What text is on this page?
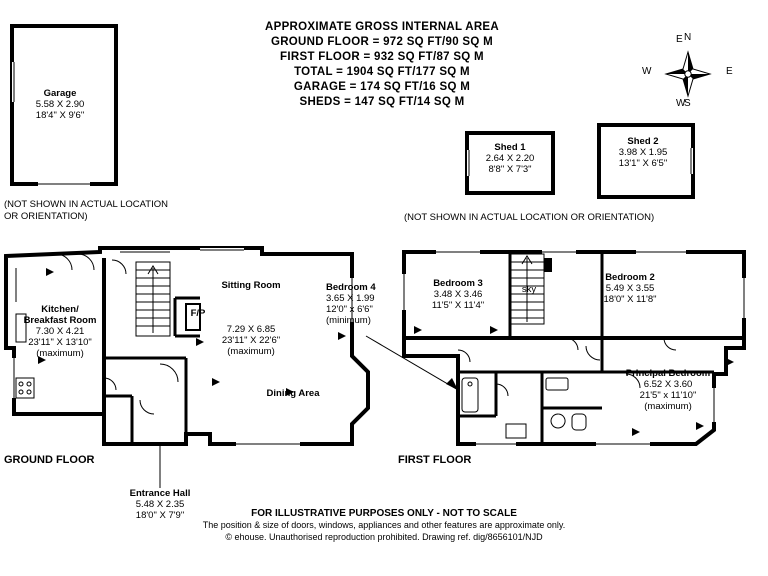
APPROXIMATE GROSS INTERNAL AREA
GROUND FLOOR = 972 SQ FT/90 SQ M
FIRST FLOOR = 932 SQ FT/87 SQ M
TOTAL = 1904 SQ FT/177 SQ M
GARAGE = 174 SQ FT/16 SQ M
SHEDS = 147 SQ FT/14 SQ M
N
S
E
W
E
W
Garage
5.58 X 2.90
18'4" X 9'6"
(NOT SHOWN IN ACTUAL LOCATION
OR ORIENTATION)
Shed 1
2.64 X 2.20
8'8" X 7'3"
Shed 2
3.98 X 1.95
13'1" X 6'5"
(NOT SHOWN IN ACTUAL LOCATION OR ORIENTATION)
Kitchen/
Breakfast Room
7.30 X 4.21
23'11" X 13'10"
(maximum)
Sitting Room
7.29 X 6.85
23'11" X 22'6"
(maximum)
Dining Area
F/P
GROUND FLOOR
Entrance Hall
5.48 X 2.35
18'0" X 7'9"
Bedroom 4
3.65 X 1.99
12'0" x 6'6"
(minimum)
Bedroom 3
3.48 X 3.46
11'5" X 11'4"
sky
Bedroom 2
5.49 X 3.55
18'0" X 11'8"
Principal Bedroom
6.52 X 3.60
21'5" x 11'10"
(maximum)
FIRST FLOOR
FOR ILLUSTRATIVE PURPOSES ONLY - NOT TO SCALE
The position & size of doors, windows, appliances and other features are approximate only.
© ehouse. Unauthorised reproduction prohibited. Drawing ref. dig/8656101/NJD
